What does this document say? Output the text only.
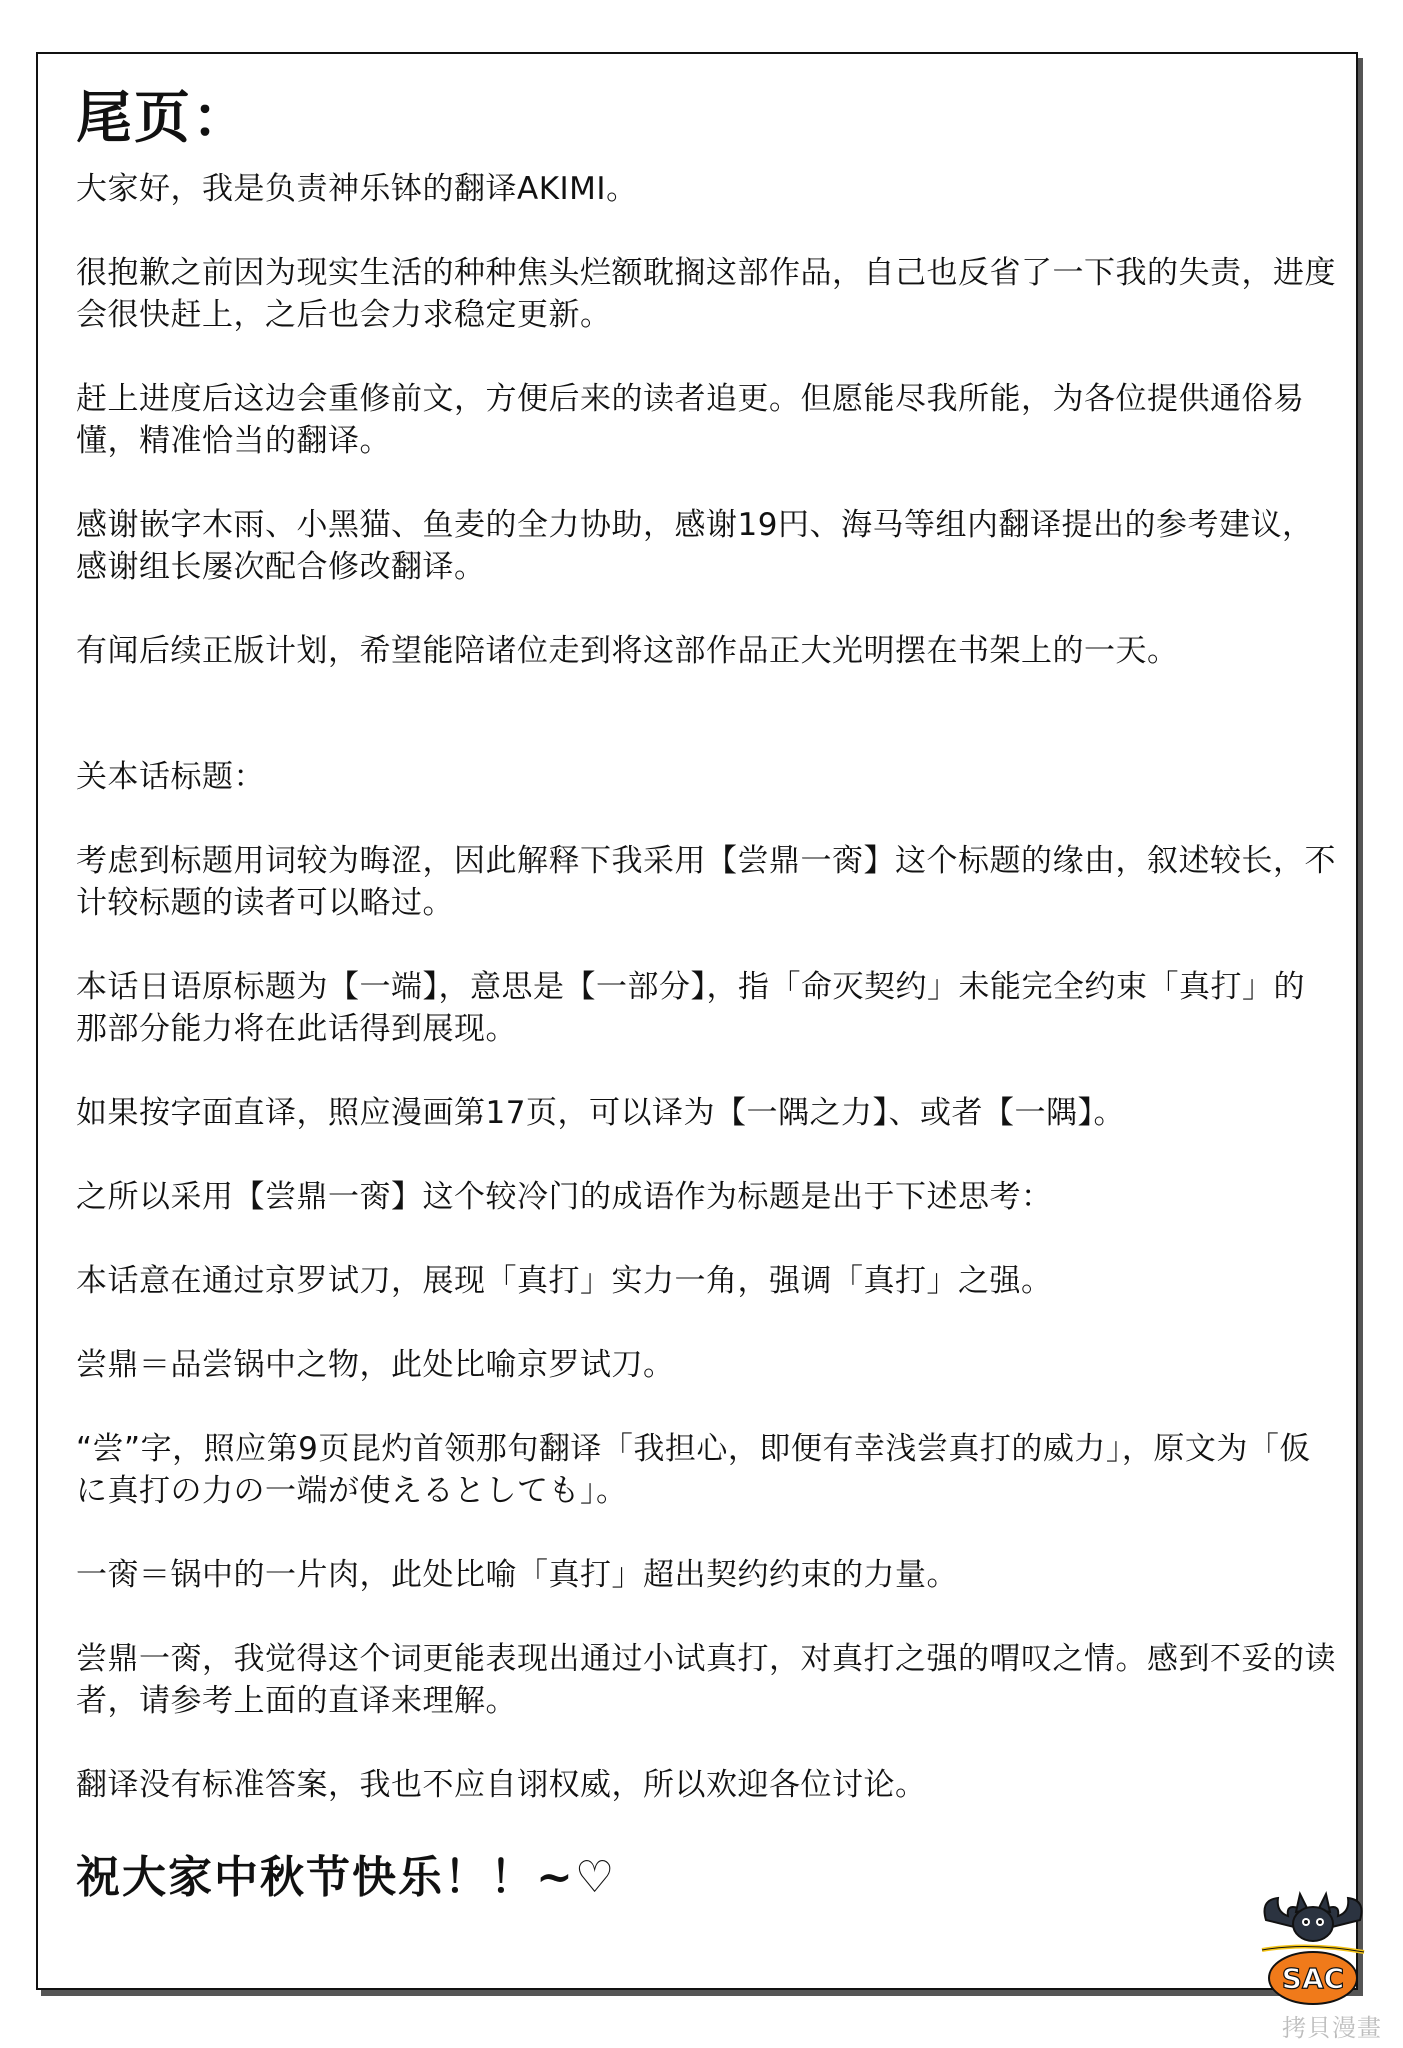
尾页：

大家好，我是负责神乐钵的翻译AKIMI。

很抱歉之前因为现实生活的种种焦头烂额耽搁这部作品，自己也反省了一下我的失责，进度会很快赶上，之后也会力求稳定更新。

赶上进度后这边会重修前文，方便后来的读者追更。但愿能尽我所能，为各位提供通俗易懂，精准恰当的翻译。

感谢嵌字木雨、小黑猫、鱼麦的全力协助，感谢19円、海马等组内翻译提出的参考建议，感谢组长屡次配合修改翻译。

有闻后续正版计划，希望能陪诸位走到将这部作品正大光明摆在书架上的一天。

关本话标题：

考虑到标题用词较为晦涩，因此解释下我采用【尝鼎一脔】这个标题的缘由，叙述较长，不计较标题的读者可以略过。

本话日语原标题为【一端】，意思是【一部分】，指「命灭契约」未能完全约束「真打」的那部分能力将在此话得到展现。

如果按字面直译，照应漫画第17页，可以译为【一隅之力】、或者【一隅】。

之所以采用【尝鼎一脔】这个较冷门的成语作为标题是出于下述思考：

本话意在通过京罗试刀，展现「真打」实力一角，强调「真打」之强。

尝鼎＝品尝锅中之物，此处比喻京罗试刀。

“尝”字，照应第9页昆灼首领那句翻译「我担心，即便有幸浅尝真打的威力」，原文为「仮に真打の力の一端が使えるとしても」。

一脔＝锅中的一片肉，此处比喻「真打」超出契约约束的力量。

尝鼎一脔，我觉得这个词更能表现出通过小试真打，对真打之强的喟叹之情。感到不妥的读者，请参考上面的直译来理解。

翻译没有标准答案，我也不应自诩权威，所以欢迎各位讨论。

祝大家中秋节快乐！！~♡

SAC
拷貝漫畫
